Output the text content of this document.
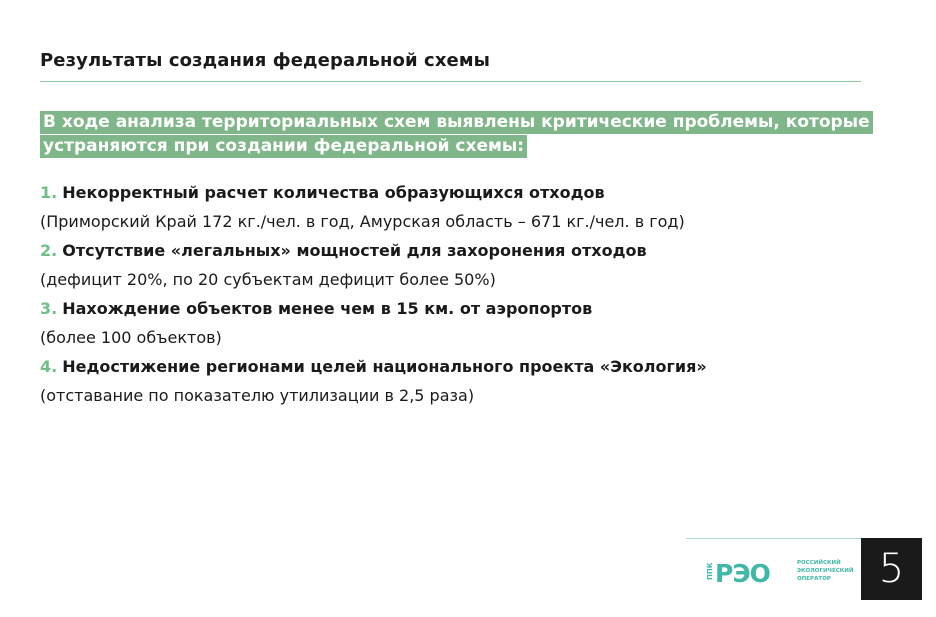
Результаты создания федеральной схемы
В ходе анализа территориальных схем выявлены критические проблемы, которые устраняются при создании федеральной схемы:
1. Некорректный расчет количества образующихся отходов
(Приморский Край 172 кг./чел. в год, Амурская область – 671 кг./чел. в год)
2. Отсутствие «легальных» мощностей для захоронения отходов
(дефицит 20%, по 20 субъектам дефицит более 50%)
3. Нахождение объектов менее чем в 15 км. от аэропортов
(более 100 объектов)
4. Недостижение регионами целей национального проекта «Экология»
(отставание по показателю утилизации в 2,5 раза)
ППК РЭО	РОССИЙСКИЙ
ЭКОЛОГИЧЕСКИЙ
ОПЕРАТОР	5
